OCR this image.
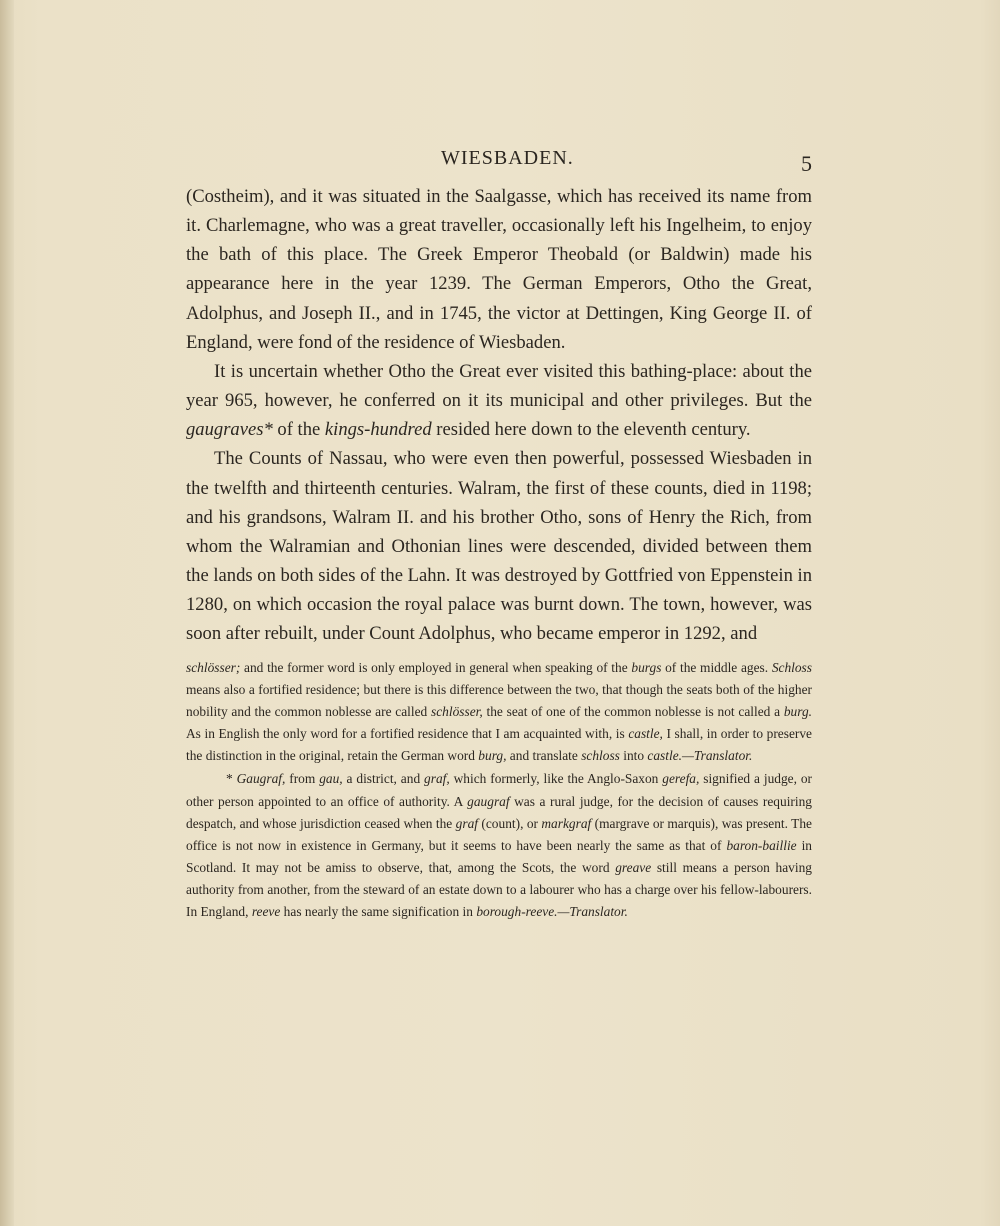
WIESBADEN.	5

(Costheim), and it was situated in the Saalgasse, which has received its name from it. Charlemagne, who was a great traveller, occasionally left his Ingelheim, to enjoy the bath of this place. The Greek Emperor Theobald (or Baldwin) made his appearance here in the year 1239. The German Emperors, Otho the Great, Adolphus, and Joseph II., and in 1745, the victor at Dettingen, King George II. of England, were fond of the residence of Wiesbaden.

It is uncertain whether Otho the Great ever visited this bathing-place: about the year 965, however, he conferred on it its municipal and other privileges. But the gaugraves* of the kings-hundred resided here down to the eleventh century.

The Counts of Nassau, who were even then powerful, possessed Wiesbaden in the twelfth and thirteenth centuries. Walram, the first of these counts, died in 1198; and his grandsons, Walram II. and his brother Otho, sons of Henry the Rich, from whom the Walramian and Othonian lines were descended, divided between them the lands on both sides of the Lahn. It was destroyed by Gottfried von Eppenstein in 1280, on which occasion the royal palace was burnt down. The town, however, was soon after rebuilt, under Count Adolphus, who became emperor in 1292, and

schlösser; and the former word is only employed in general when speaking of the burgs of the middle ages. Schloss means also a fortified residence; but there is this difference between the two, that though the seats both of the higher nobility and the common noblesse are called schlösser, the seat of one of the common noblesse is not called a burg. As in English the only word for a fortified residence that I am acquainted with, is castle, I shall, in order to preserve the distinction in the original, retain the German word burg, and translate schloss into castle.—Translator.

* Gaugraf, from gau, a district, and graf, which formerly, like the Anglo-Saxon gerefa, signified a judge, or other person appointed to an office of authority. A gaugraf was a rural judge, for the decision of causes requiring despatch, and whose jurisdiction ceased when the graf (count), or markgraf (margrave or marquis), was present. The office is not now in existence in Germany, but it seems to have been nearly the same as that of baron-baillie in Scotland. It may not be amiss to observe, that, among the Scots, the word greave still means a person having authority from another, from the steward of an estate down to a labourer who has a charge over his fellow-labourers. In England, reeve has nearly the same signification in borough-reeve.—Translator.
